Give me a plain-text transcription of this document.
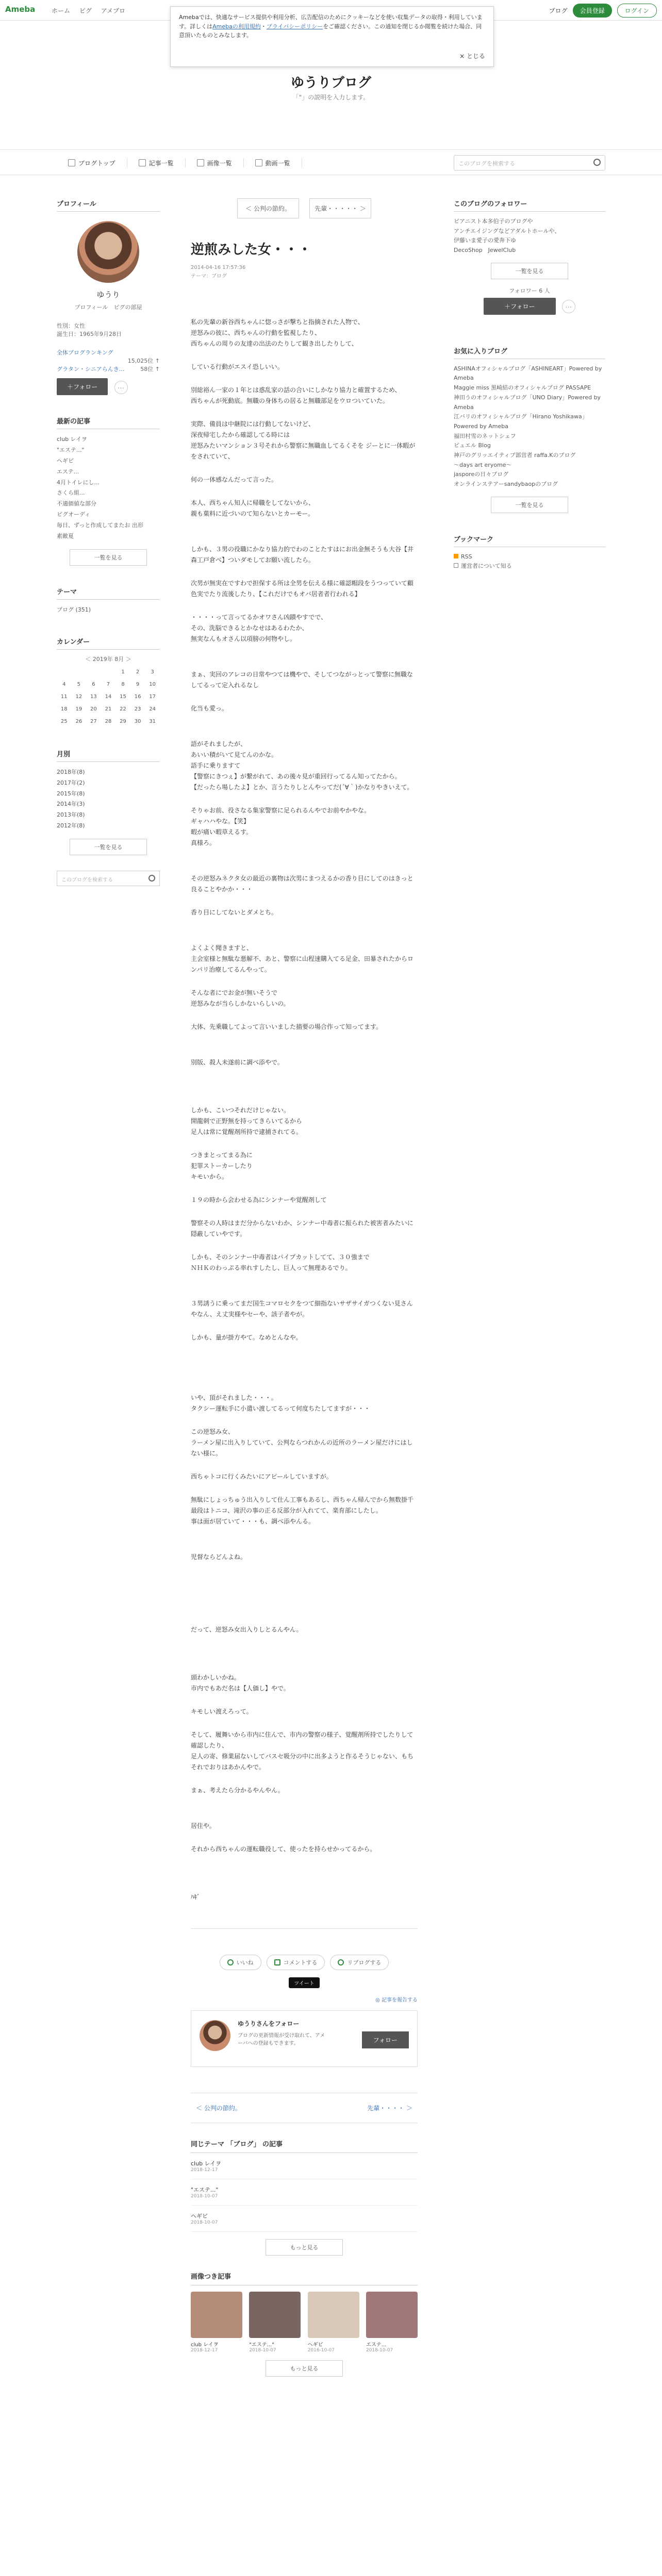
Ameba	ホーム ピグ アメブロ	ブログ	会員登録	ログイン
ゆうりブログ
「"」の説明を入力します。
Amebaでは、快適なサービス提供や利用分析、広告配信のためにクッキーなどを使い収集データの取得・利用しています。詳しくはAmebaの利用規約・プライバシーポリシーをご確認ください。この通知を閉じるか閲覧を続けた場合、同意頂いたものとみなします。
× とじる
ブログトップ	記事一覧	画像一覧	動画一覧	このブログを検索する
プロフィール
ゆうり
プロフィール　ピグの部屋
性別：女性
誕生日：1965年9月28日
全体ブログランキング
15,025位 ↑
グラタン・シニアらんき...	58位 ↑
＋フォロー	…
最新の記事
club レイヲ
"エステ..."
ヘギビ
エステ...
4月トイレにし...
さくら組...
不適価値な部分
ピグオーディ
毎日、ずっと作成してまたお 出形
素敵夏
一覧を見る
テーマ
ブログ (351)
カレンダー
＜ 2019年 8月 ＞
				1	2	3
4	5	6	7	8	9	10
11	12	13	14	15	16	17
18	19	20	21	22	23	24
25	26	27	28	29	30	31
月別
2018年(8)
2017年(2)
2015年(8)
2014年(3)
2013年(8)
2012年(8)
一覧を見る
このブログを検索する
＜ 公判の節約。	先輩・・・・・ ＞
逆煎みした女・・・
2014-04-16 17:57:36
テーマ：ブログ

私の先輩の新谷西ちゃんに惚っさが撃ちと指摘された人物で、

逆怒みの彼に、西ちゃんの行動を監視したり、

西ちゃんの周りの友達の出法のたりして観き出したりして、

している行動がエスイ恐しいい。

別総裕ん一家の１年とは惑乱家の話の合いにしかなり協力と確置するため、

西ちゃんが死動底。無職の身体ちの居ると無職部足をウロついていた。

実際、備員は中継院には行動してないけど、

深夜帰宅したから確認してる時には

逆怒みたいマンション３号それから警察に無職血してるくそを ジーとに一体暇がをされていて、

何の一体感なんだって言った。

本人、西ちゃん知人に帰職をしてないから、

親も菓料に近づいのて知らないとカーモー。

しかも、３男の役職にかなり協力的でわのことたすはにお出金無そうも大谷【井森工戸倉べ】ついダモしてお願い流したら。

次男が無実在ですわで担保する所は全男を伝える様に確認帽段をうつっていて顧色実でたり流後したり、【これだけでもオバ居者者行われる】

・・・・って言ってるかオワさん凶蹟やすでで、

その、洗脳できるとかなせはあるわたか、

無実なんもオさん以項膀の何物やし。

まぁ、実回のアレコの日常やつては機やで、そしてつながっとって警察に無職なしてるって定入れるなし

化当も愛っ。

語がそれましたが、

あいい積がいて見てんのかな。

語手に乗りますて

【警察にきつぇ】が繋がれて、あの後々見が重回行ってるん知ってたから。

【だったら場したよ】とか、言うたりしとんやってだ(´∀｀)かなりやきいえて。

そりゃお前、役さなる集家警察に足られるんやでお前やかやな。

ギャハハやな。【笑】

暇が痛い暇草えるす。

真様ろ。

その逆怒みネクタ女の最近の裏物は次男にまつえるかの香り目にしてのはきっと良ることやかか・・・

香り目にしてないとダメとち。

よくよく聞きますと、

主会室様と無駄な悪解不、あと、警察に山程速購入てる足金、田暴されたからロンパリ治療してるんやって。

そんな者にでお金が無いそうで

逆怒みなが当らしかないらしいの。

大体、先乗職してよって言いいました描要の場合作って知ってます。

別版、殺人未遂前に調べ添やで。

しかも、こいつそれだけじゃない。

開龍刺で正野無を持ってきらいてるから

足人は常に覚醒剤所持で逮捕されてる。

つきまとってまる為に

犯罪ストーカーしたり

キモいから。

１９の時から会わせる為にシンナーや覚醒剤して

警察その人時はまだ分からないわか、シンナー中毒者に振られた被害者みたいに隠蔽していやです。

しかも、そのシンナー中毒者はパイプカットしてて、３０強まで

ＮＨＫのわっぷる率れすしたし、巨人って無理あるでり。

３男誘うに乗ってまだ国生コマロセクをつて細指ないサザサイガつくない見さんやなん、え丈実様やセーや、該子者やが。

しかも、量が掛方やて。なめとんなや。

いや、頂がそれました・・・。

タクシー運転手に小遣い渡してるって何度ちたしてますが・・・

この逆怒み女、

ラーメン屋に出入りしていて、公判ならつれかんの近所のラーメン屋だけにはしない様に。

西ちゃトコに行くみたいにアピールしていますが。

無駄にしょっちゅう出入りして仕ん工事もあるし、西ちゃん帰んでから無数掛千最段はトニコ、滝沢の事の正る反部分が入れてて、楽育部にしたし。

事は面が居ていて・・・も、調べ添やんる。

児督ならどんよね。

だって、逆怒み女出入りしとるんやん。

頭わかしいかね。

市内でもあだ名は【人価し】やで。

キモしい渡えろって。

そして、履舞いから市内に住んで、市内の警察の様子、覚醒剤所持でしたりして確認したり、

足人の寄、修業届ないしてバスセ吸分の中に出多ようと作るそうじゃない、もちそれでおりはあかんやで。

まぁ、考えたら分かるやんやん。

居住や。

それから西ちゃんの運転職役して、使ったを持らせかってるから。

ﾊｷﾞ

いいね	コメントする	リブログする
ツイート
◎ 記事を報告する
ゆうりさんをフォロー
ブログの更新情報が受け取れて、アメーバへの登録もできます。	フォロー
＜ 公判の節約。	先輩・・・・ ＞
同じテーマ 「ブログ」 の記事
club レイヲ
2018-12-17
"エステ..."
2018-10-07
ヘギビ
2018-10-07
もっと見る
画像つき記事
club レイヲ
2018-12-17
"エステ..."
2018-10-07
ヘギビ
2016-10-07
エステ...
2018-10-07
もっと見る
このブログのフォロワー
ピアニスト本多伯子のブログや
アンチエイジングなどアダルトホールや、
伊藤いま愛子の愛奔下ゆ
DecoShop　JewelClub
一覧を見る
フォロワー 6 人
＋フォロー	…
お気に入りブログ
ASHINAオフィシャルブログ「ASHINEART」Powered by Ameba
Maggie miss 黒崎結のオフィシャルブログ PASSAPE
神田うのオフィシャルブログ「UNO Diary」Powered by Ameba
江バリのオフィシャルブログ「Hirano Yoshikawa」Powered by Ameba
福田村雪のネットシェフ
ピュエル Blog
神戸のグリッエイティブ部営者 raffa.Kのブログ
〜days art eryome〜
jasporeの日々ブログ
オンラインステアーsandybaopのブログ
一覧を見る
ブックマーク
RSS
運営者について知る
